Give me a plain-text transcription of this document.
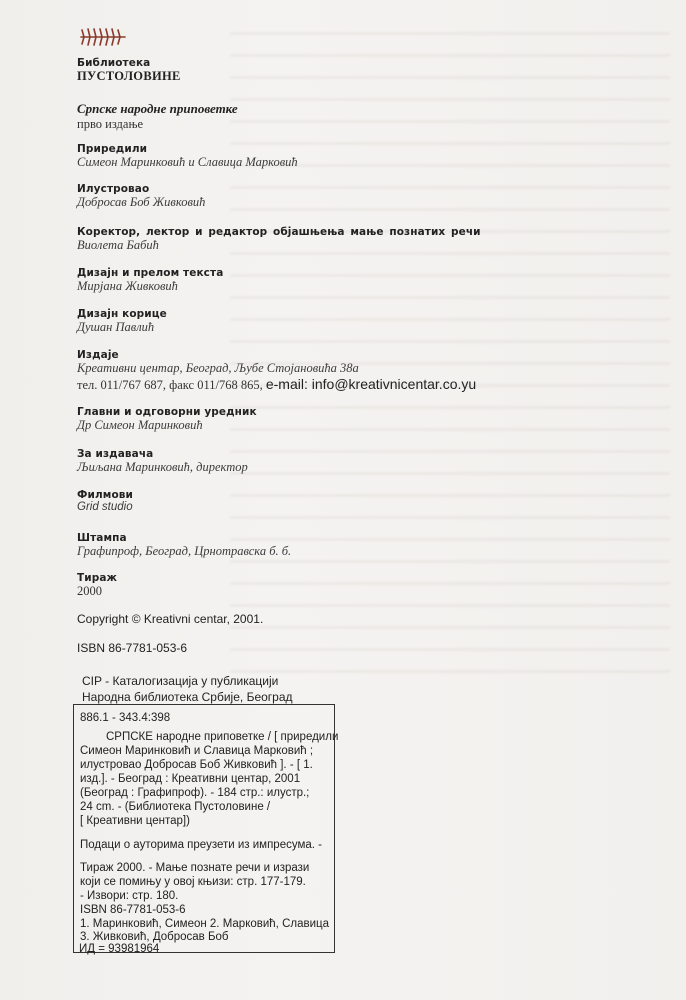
Библиотека
ПУСТОЛОВИНЕ
Српске народне приповетке
прво издање
Приредили
Симеон Маринковић и Славица Марковић
Илустровао
Добросав Боб Живковић
Коректор, лектор и редактор објашњења мање познатих речи
Виолета Бабић
Дизајн и прелом текста
Мирјана Живковић
Дизајн корице
Душан Павлић
Издаје
Креативни центар, Београд, Љубе Стојановића 38а
тел. 011/767 687, факс 011/768 865, e-mail: info@kreativnicentar.co.yu
Главни и одговорни уредник
Др Симеон Маринковић
За издавача
Љиљана Маринковић, директор
Филмови
Grid studio
Штампа
Графипроф, Београд, Црнотравска б. б.
Тираж
2000
Copyright © Kreativni centar, 2001.
ISBN 86-7781-053-6
CIP - Каталогизација у публикацији
Народна библиотека Србије, Београд
886.1 - 343.4:398
СРПСКЕ народне приповетке / [ приредили
Симеон Маринковић и Славица Марковић ;
илустровао Добросав Боб Живковић ]. - [ 1.
изд.]. - Београд : Креативни центар, 2001
(Београд : Графипроф). - 184 стр.: илустр.;
24 cm. - (Библиотека Пустоловине /
[ Креативни центар])
Подаци о ауторима преузети из импресума. -
Тираж 2000. - Мање познате речи и изрази
који се помињу у овој књизи: стр. 177-179.
- Извори: стр. 180.
ISBN 86-7781-053-6
1. Маринковић, Симеон 2. Марковић, Славица
3. Живковић, Добросав Боб
ИД = 93981964
